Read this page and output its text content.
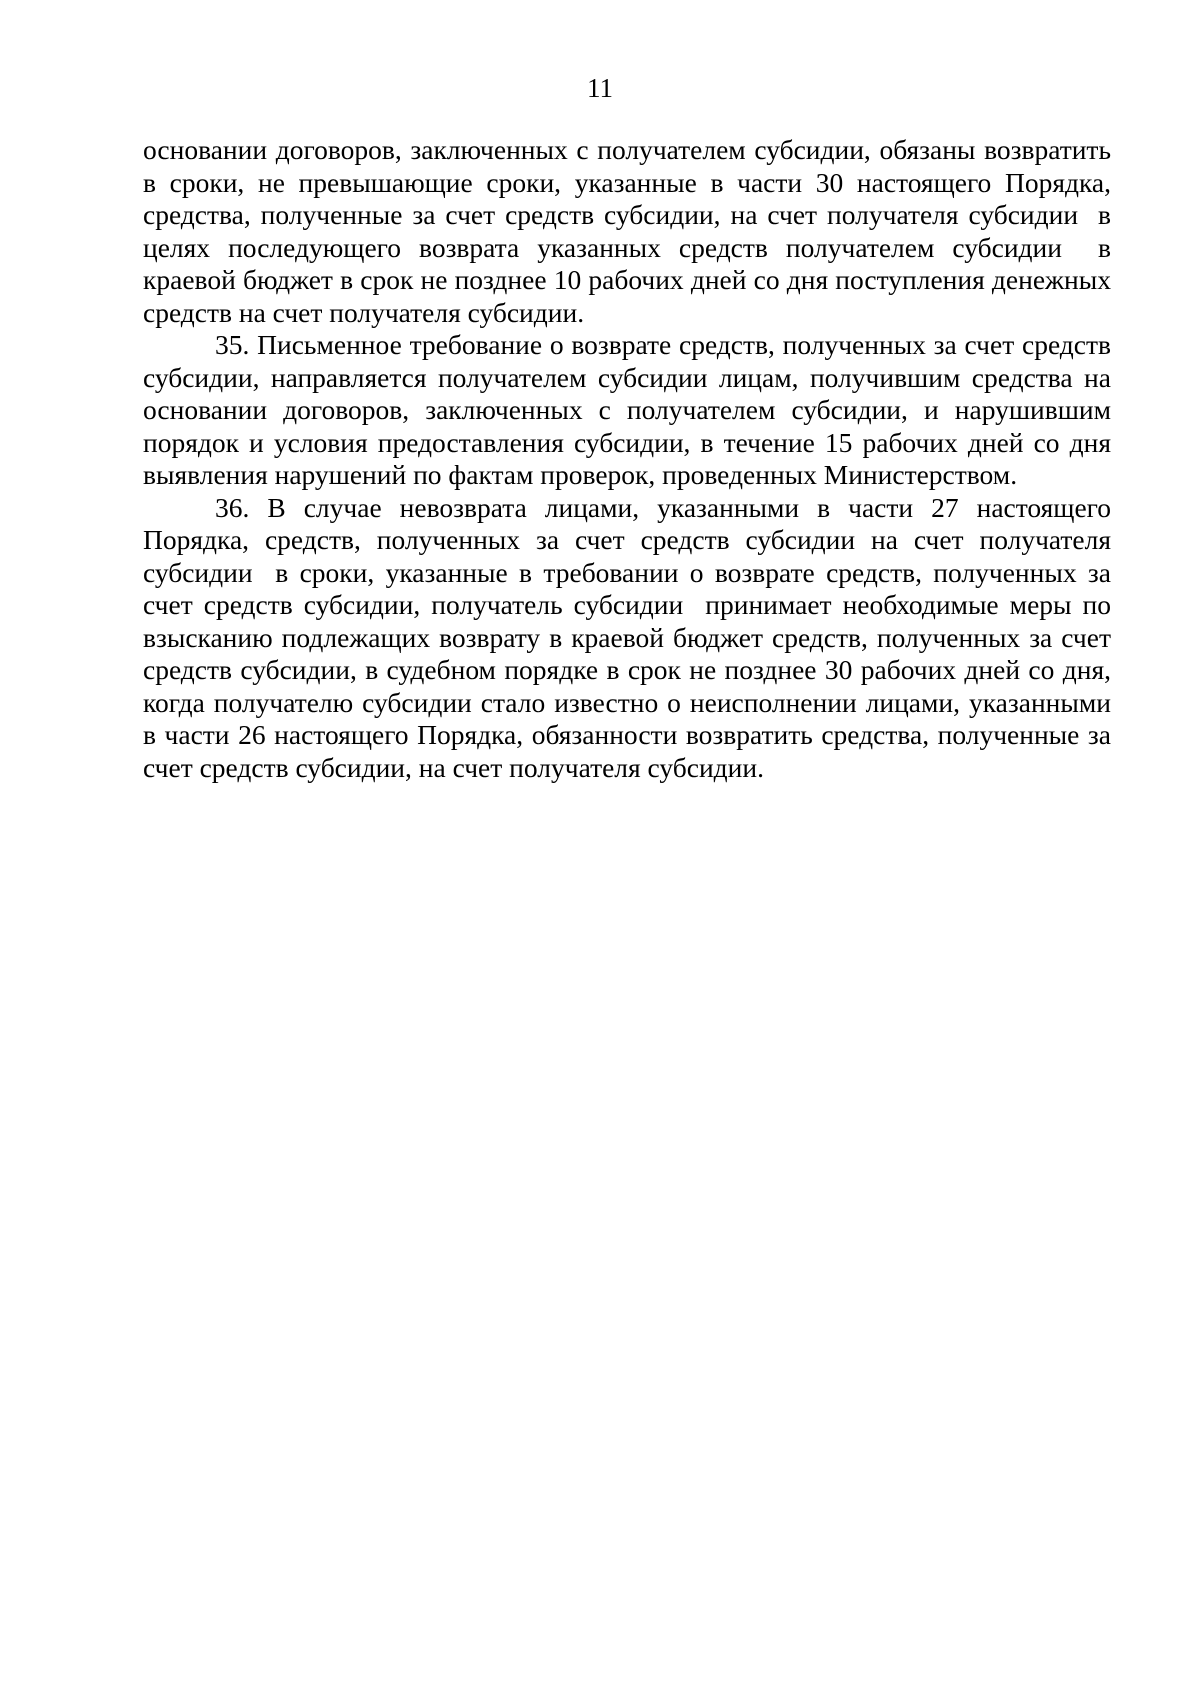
11

основании договоров, заключенных с получателем субсидии, обязаны возвратить в сроки, не превышающие сроки, указанные в части 30 настоящего Порядка, средства, полученные за счет средств субсидии, на счет получателя субсидии  в целях последующего возврата указанных средств получателем субсидии  в краевой бюджет в срок не позднее 10 рабочих дней со дня поступления денежных средств на счет получателя субсидии.

35. Письменное требование о возврате средств, полученных за счет средств субсидии, направляется получателем субсидии лицам, получившим средства на основании договоров, заключенных с получателем субсидии, и нарушившим порядок и условия предоставления субсидии, в течение 15 рабочих дней со дня выявления нарушений по фактам проверок, проведенных Министерством.

36. В случае невозврата лицами, указанными в части 27 настоящего Порядка, средств, полученных за счет средств субсидии на счет получателя субсидии  в сроки, указанные в требовании о возврате средств, полученных за счет средств субсидии, получатель субсидии  принимает необходимые меры по взысканию подлежащих возврату в краевой бюджет средств, полученных за счет средств субсидии, в судебном порядке в срок не позднее 30 рабочих дней со дня, когда получателю субсидии стало известно о неисполнении лицами, указанными в части 26 настоящего Порядка, обязанности возвратить средства, полученные за счет средств субсидии, на счет получателя субсидии.
